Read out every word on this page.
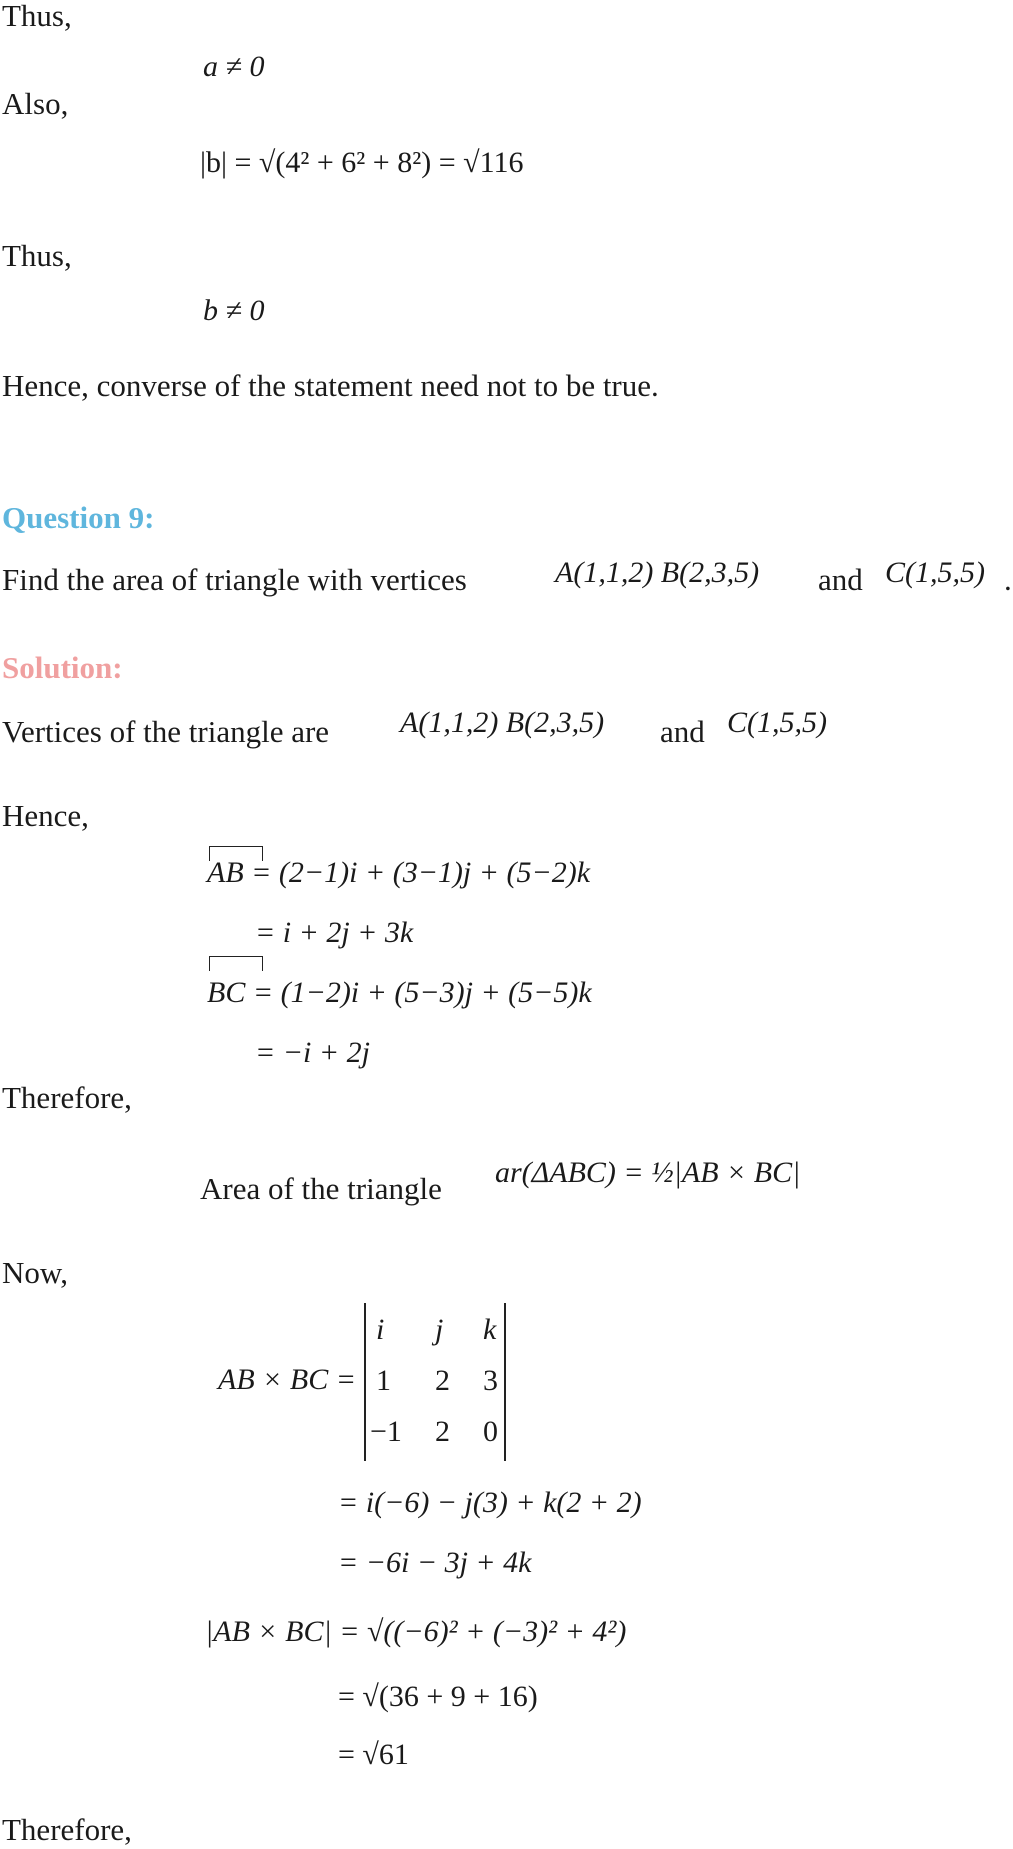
Thus,
a ≠ 0
Also,
|b| = √(4² + 6² + 8²) = √116
Thus,
b ≠ 0
Hence, converse of the statement need not to be true.
Question 9:
Find the area of triangle with vertices	A(1,1,2) B(2,3,5) and C(1,5,5) .
Solution:
Vertices of the triangle are A(1,1,2) B(2,3,5) and C(1,5,5)
Hence,
AB = (2−1)i + (3−1)j + (5−2)k
= i + 2j + 3k
BC = (1−2)i + (5−3)j + (5−5)k
= −i + 2j
Therefore,
Area of the triangle ar(ΔABC) = ½|AB × BC|
Now,
AB × BC =
i j k
1 2 3
−1 2 0
= i(−6) − j(3) + k(2 + 2)
= −6i − 3j + 4k
|AB × BC| = √((−6)² + (−3)² + 4²)
= √(36 + 9 + 16)
= √61
Therefore,
